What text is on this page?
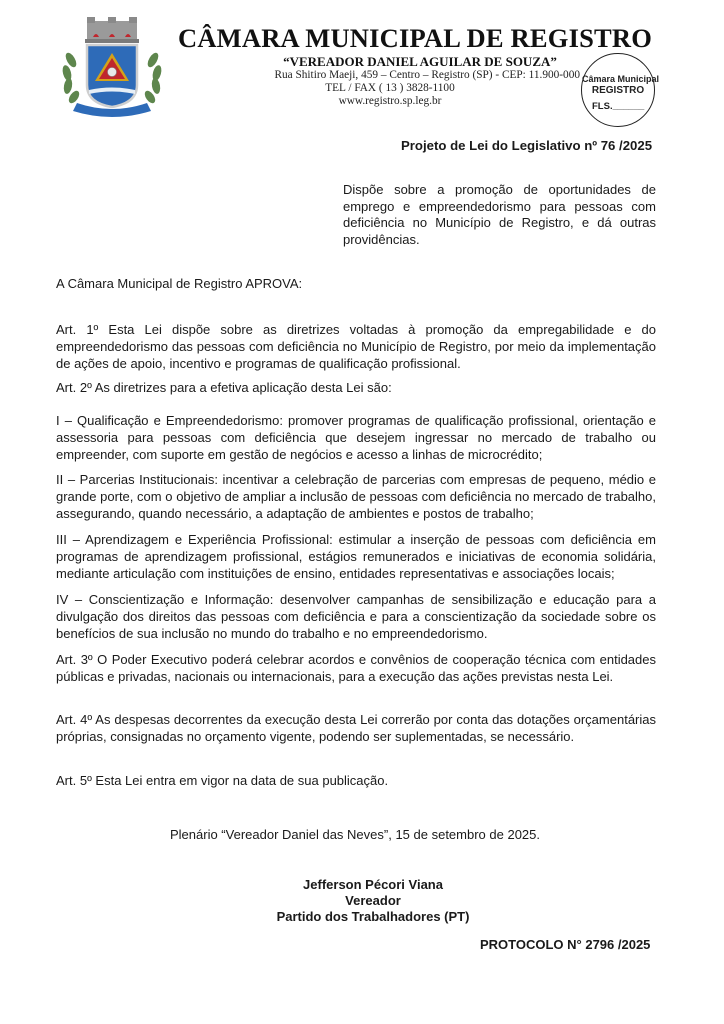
CÂMARA MUNICIPAL DE REGISTRO
“VEREADOR DANIEL AGUILAR DE SOUZA”
Rua Shitiro Maeji, 459 – Centro – Registro (SP) - CEP: 11.900-000
TEL / FAX ( 13 ) 3828-1100
www.registro.sp.leg.br
Câmara Municipal
REGISTRO
FLS.______
Projeto de Lei do Legislativo nº 76 /2025
Dispõe sobre a promoção de oportunidades de emprego e empreendedorismo para pessoas com deficiência no Município de Registro, e dá outras providências.
A Câmara Municipal de Registro APROVA:
Art. 1º Esta Lei dispõe sobre as diretrizes voltadas à promoção da empregabilidade e do empreendedorismo das pessoas com deficiência no Município de Registro, por meio da implementação de ações de apoio, incentivo e programas de qualificação profissional.
Art. 2º As diretrizes para a efetiva aplicação desta Lei são:
I – Qualificação e Empreendedorismo: promover programas de qualificação profissional, orientação e assessoria para pessoas com deficiência que desejem ingressar no mercado de trabalho ou empreender, com suporte em gestão de negócios e acesso a linhas de microcrédito;
II – Parcerias Institucionais: incentivar a celebração de parcerias com empresas de pequeno, médio e grande porte, com o objetivo de ampliar a inclusão de pessoas com deficiência no mercado de trabalho, assegurando, quando necessário, a adaptação de ambientes e postos de trabalho;
III – Aprendizagem e Experiência Profissional: estimular a inserção de pessoas com deficiência em programas de aprendizagem profissional, estágios remunerados e iniciativas de economia solidária, mediante articulação com instituições de ensino, entidades representativas e associações locais;
IV – Conscientização e Informação: desenvolver campanhas de sensibilização e educação para a divulgação dos direitos das pessoas com deficiência e para a conscientização da sociedade sobre os benefícios de sua inclusão no mundo do trabalho e no empreendedorismo.
Art. 3º O Poder Executivo poderá celebrar acordos e convênios de cooperação técnica com entidades públicas e privadas, nacionais ou internacionais, para a execução das ações previstas nesta Lei.
Art. 4º As despesas decorrentes da execução desta Lei correrão por conta das dotações orçamentárias próprias, consignadas no orçamento vigente, podendo ser suplementadas, se necessário.
Art. 5º Esta Lei entra em vigor na data de sua publicação.
Plenário “Vereador Daniel das Neves”, 15 de setembro de 2025.
Jefferson Pécori Viana
Vereador
Partido dos Trabalhadores (PT)
PROTOCOLO N° 2796 /2025
